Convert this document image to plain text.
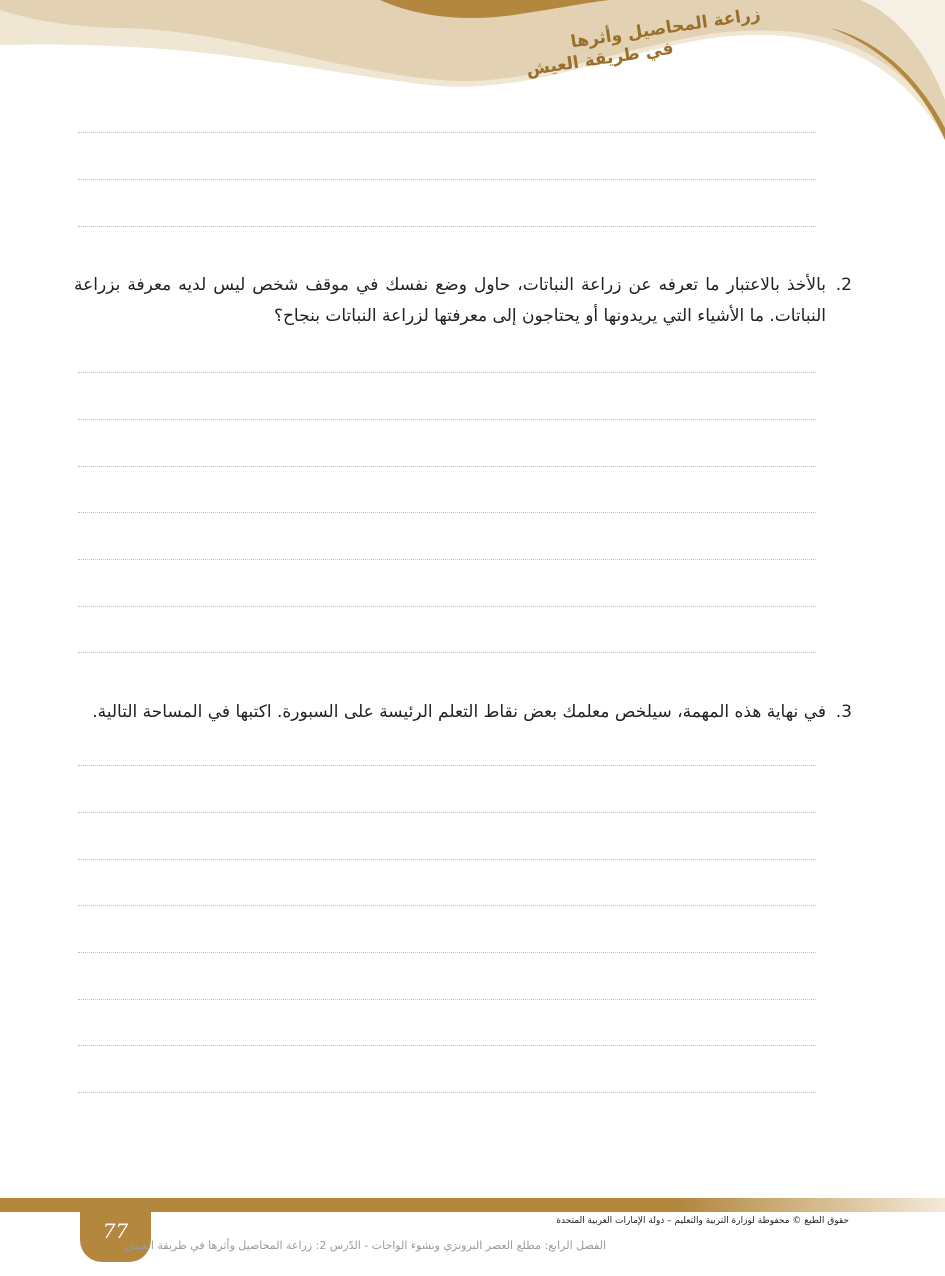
زراعة المحاصيل وأثرها
في طريقة العيش
2.
بالأخذ بالاعتبار ما تعرفه عن زراعة النباتات، حاول وضع نفسك في موقف شخص ليس لديه معرفة بزراعة النباتات. ما الأشياء التي يريدونها أو يحتاجون إلى معرفتها لزراعة النباتات بنجاح؟
3.
في نهاية هذه المهمة، سيلخص معلمك بعض نقاط التعلم الرئيسة على السبورة. اكتبها في المساحة التالية.
77	حقوق الطبع © محفوظة لوزارة التربية والتعليم – دولة الإمارات العربية المتحدة
الفصل الرابع: مطلع العصر البرونزي ونشوء الواحات - الدّرس 2: زراعة المحاصيل وأثرها في طريقة العيش
